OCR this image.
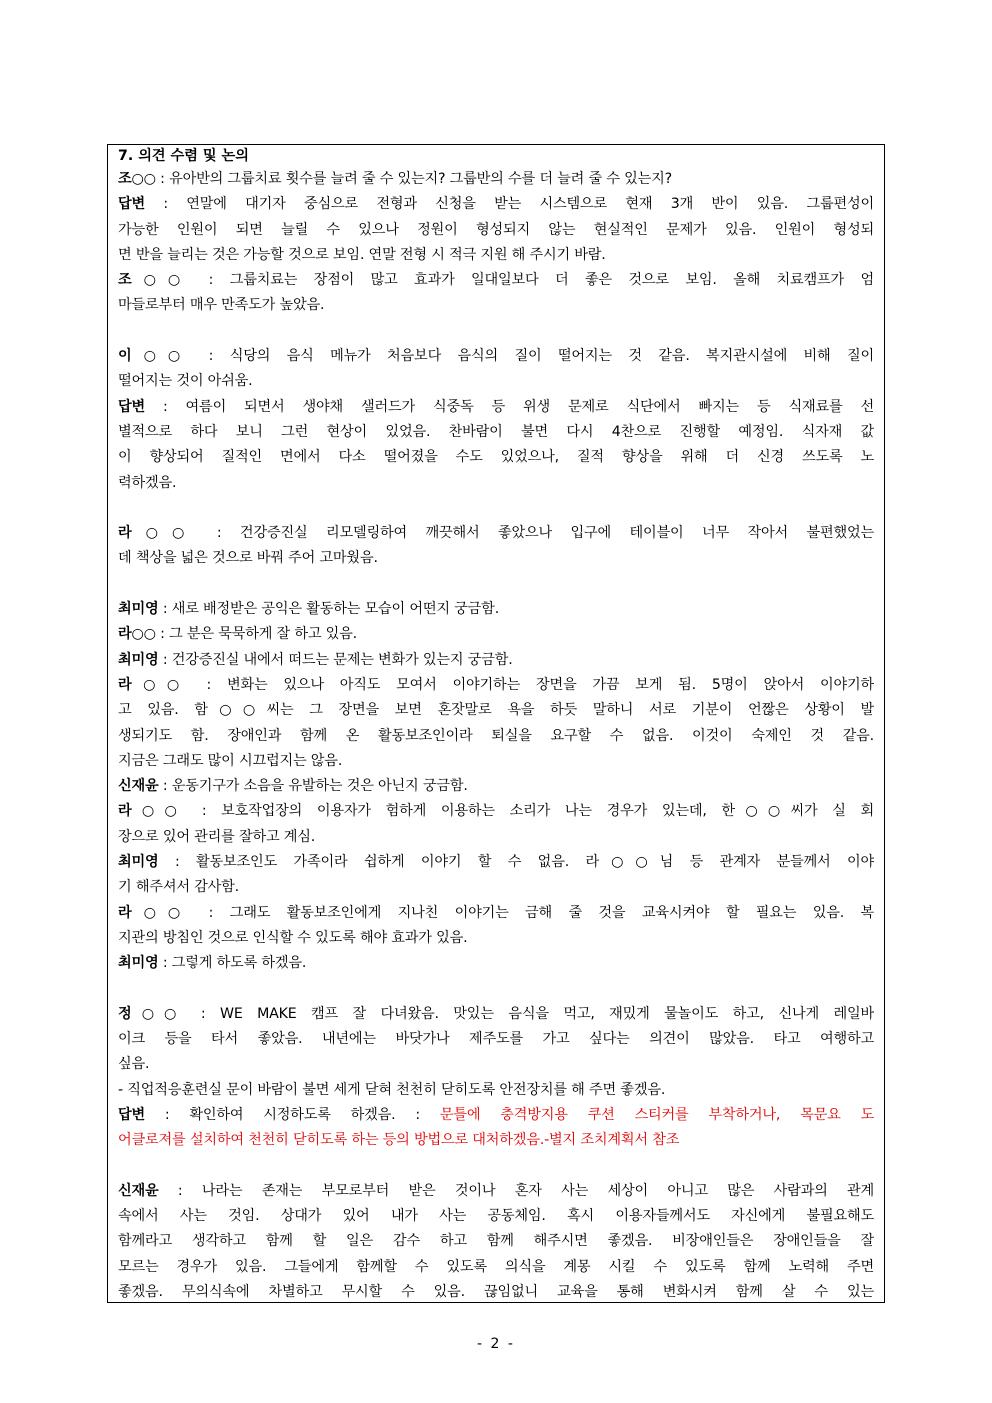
7. 의견 수렴 및 논의
조○○ : 유아반의 그룹치료 횟수를 늘려 줄 수 있는지? 그룹반의 수를 더 늘려 줄 수 있는지?
답변 : 연말에 대기자 중심으로 전형과 신청을 받는 시스템으로 현재 3개 반이 있음. 그룹편성이
가능한 인원이 되면 늘릴 수 있으나 정원이 형성되지 않는 현실적인 문제가 있음. 인원이 형성되
면 반을 늘리는 것은 가능할 것으로 보임. 연말 전형 시 적극 지원 해 주시기 바람.
조○○ : 그룹치료는 장점이 많고 효과가 일대일보다 더 좋은 것으로 보임. 올해 치료캠프가 엄
마들로부터 매우 만족도가 높았음.
이○○ : 식당의 음식 메뉴가 처음보다 음식의 질이 떨어지는 것 같음. 복지관시설에 비해 질이
떨어지는 것이 아쉬움.
답변 : 여름이 되면서 생야채 샐러드가 식중독 등 위생 문제로 식단에서 빠지는 등 식재료를 선
별적으로 하다 보니 그런 현상이 있었음. 찬바람이 불면 다시 4찬으로 진행할 예정임. 식자재 값
이 향상되어 질적인 면에서 다소 떨어졌을 수도 있었으나, 질적 향상을 위해 더 신경 쓰도록 노
력하겠음.
라○○ : 건강증진실 리모델링하여 깨끗해서 좋았으나 입구에 테이블이 너무 작아서 불편했었는
데 책상을 넓은 것으로 바꿔 주어 고마웠음.
최미영 : 새로 배정받은 공익은 활동하는 모습이 어떤지 궁금함.
라○○ : 그 분은 묵묵하게 잘 하고 있음.
최미영 : 건강증진실 내에서 떠드는 문제는 변화가 있는지 궁금함.
라○○ : 변화는 있으나 아직도 모여서 이야기하는 장면을 가끔 보게 됨. 5명이 앉아서 이야기하
고 있음. 함○○씨는 그 장면을 보면 혼잣말로 욕을 하듯 말하니 서로 기분이 언짢은 상황이 발
생되기도 함. 장애인과 함께 온 활동보조인이라 퇴실을 요구할 수 없음. 이것이 숙제인 것 같음.
지금은 그래도 많이 시끄럽지는 않음.
신재윤 : 운동기구가 소음을 유발하는 것은 아닌지 궁금함.
라○○ : 보호작업장의 이용자가 험하게 이용하는 소리가 나는 경우가 있는데, 한○○씨가 실 회
장으로 있어 관리를 잘하고 계심.
최미영 : 활동보조인도 가족이라 쉽하게 이야기 할 수 없음. 라○○님 등 관계자 분들께서 이야
기 해주셔서 감사함.
라○○ : 그래도 활동보조인에게 지나친 이야기는 금해 줄 것을 교육시켜야 할 필요는 있음. 복
지관의 방침인 것으로 인식할 수 있도록 해야 효과가 있음.
최미영 : 그렇게 하도록 하겠음.
정○○ : WE MAKE 캠프 잘 다녀왔음. 맛있는 음식을 먹고, 재밌게 물놀이도 하고, 신나게 레일바
이크 등을 타서 좋았음. 내년에는 바닷가나 제주도를 가고 싶다는 의견이 많았음. 타고 여행하고
싶음.
- 직업적응훈련실 문이 바람이 불면 세게 닫혀 천천히 닫히도록 안전장치를 해 주면 좋겠음.
답변 : 확인하여 시정하도록 하겠음. : 문틀에 충격방지용 쿠션 스티커를 부착하거나, 목문요 도
어클로져를 설치하여 천천히 닫히도록 하는 등의 방법으로 대처하겠음.-별지 조치계획서 참조
신재윤 : 나라는 존재는 부모로부터 받은 것이나 혼자 사는 세상이 아니고 많은 사람과의 관계
속에서 사는 것임. 상대가 있어 내가 사는 공동체임. 혹시 이용자들께서도 자신에게 불필요해도
함께라고 생각하고 함께 할 일은 감수 하고 함께 해주시면 좋겠음. 비장애인들은 장애인들을 잘
모르는 경우가 있음. 그들에게 함께할 수 있도록 의식을 계몽 시킬 수 있도록 함께 노력해 주면
좋겠음. 무의식속에 차별하고 무시할 수 있음. 끊임없니 교육을 통해 변화시켜 함께 살 수 있는
- 2 -
